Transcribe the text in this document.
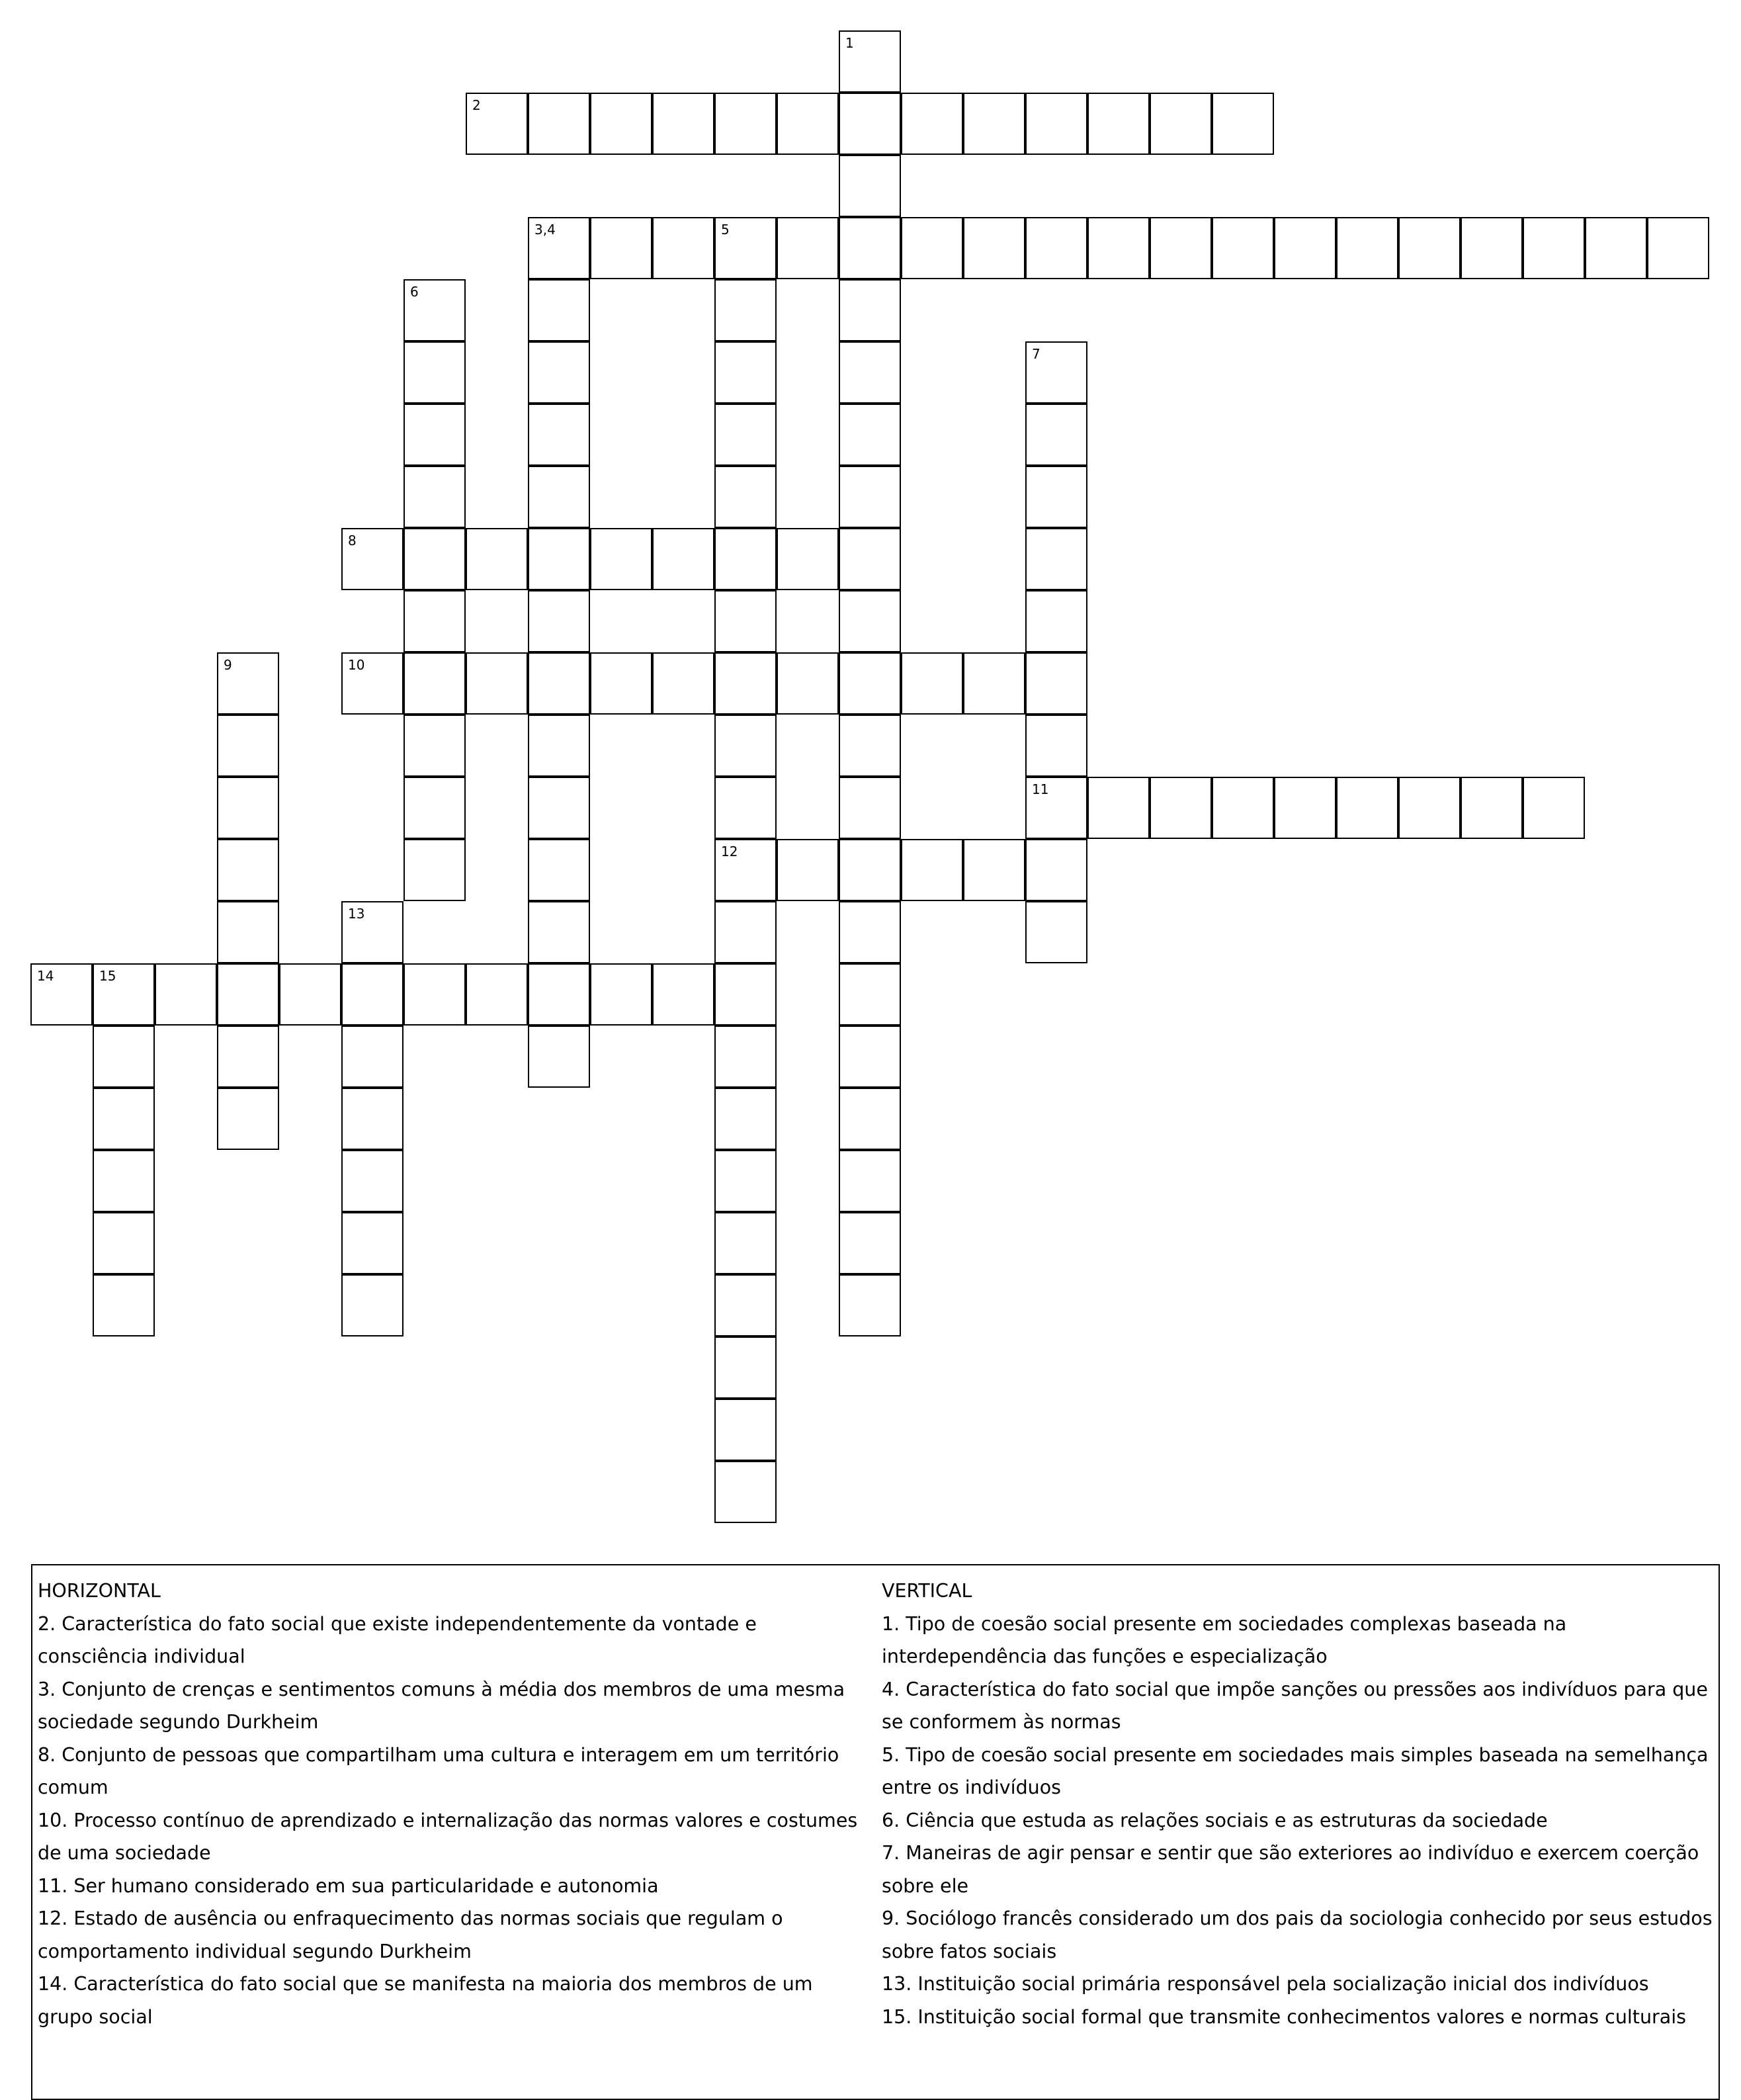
1
2
3,4	5
12
6
7
11
8
9	10
13
14	15
HORIZONTAL
2. Característica do fato social que existe independentemente da vontade e consciência individual
3. Conjunto de crenças e sentimentos comuns à média dos membros de uma mesma sociedade segundo Durkheim
8. Conjunto de pessoas que compartilham uma cultura e interagem em um território comum
10. Processo contínuo de aprendizado e internalização das normas valores e costumes de uma sociedade
11. Ser humano considerado em sua particularidade e autonomia
12. Estado de ausência ou enfraquecimento das normas sociais que regulam o comportamento individual segundo Durkheim
14. Característica do fato social que se manifesta na maioria dos membros de um grupo social
VERTICAL
1. Tipo de coesão social presente em sociedades complexas baseada na interdependência das funções e especialização
4. Característica do fato social que impõe sanções ou pressões aos indivíduos para que se conformem às normas
5. Tipo de coesão social presente em sociedades mais simples baseada na semelhança entre os indivíduos
6. Ciência que estuda as relações sociais e as estruturas da sociedade
7. Maneiras de agir pensar e sentir que são exteriores ao indivíduo e exercem coerção sobre ele
9. Sociólogo francês considerado um dos pais da sociologia conhecido por seus estudos sobre fatos sociais
13. Instituição social primária responsável pela socialização inicial dos indivíduos
15. Instituição social formal que transmite conhecimentos valores e normas culturais
